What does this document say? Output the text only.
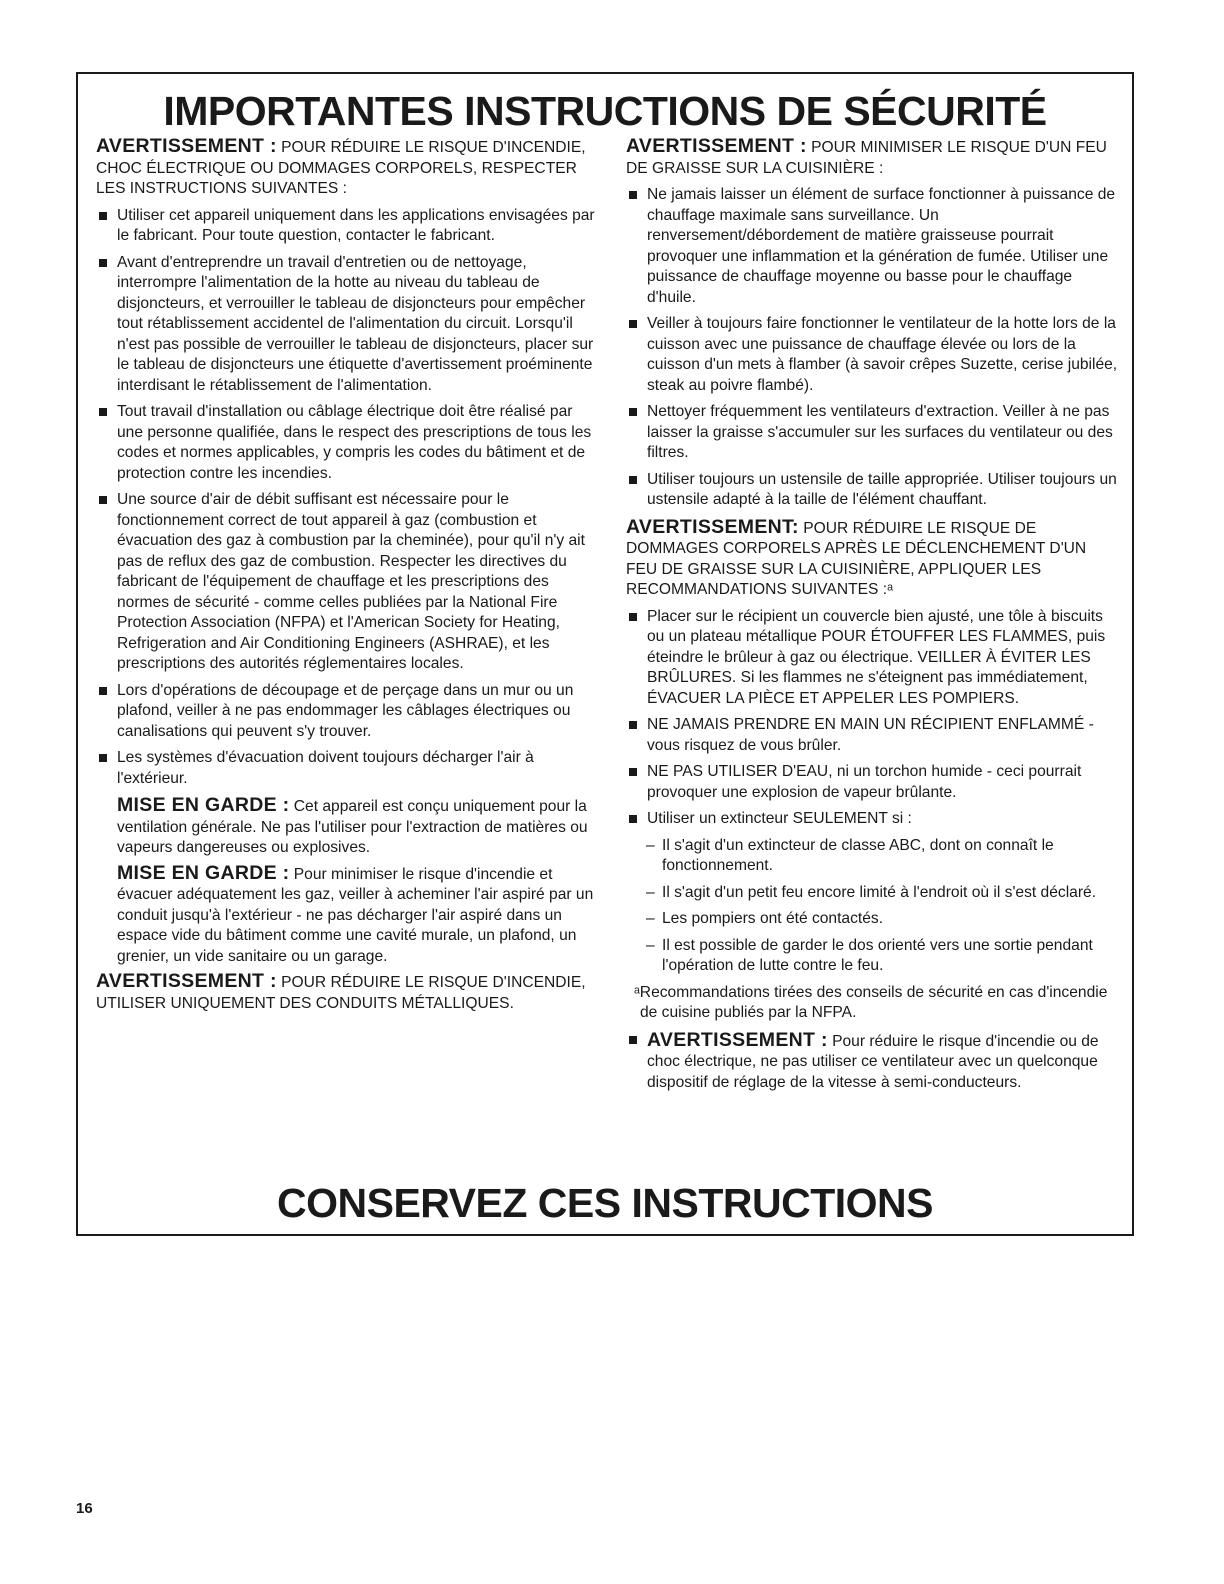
IMPORTANTES INSTRUCTIONS DE SÉCURITÉ

AVERTISSEMENT : POUR RÉDUIRE LE RISQUE D'INCENDIE, CHOC ÉLECTRIQUE OU DOMMAGES CORPORELS, RESPECTER LES INSTRUCTIONS SUIVANTES :

Utiliser cet appareil uniquement dans les applications envisagées par le fabricant. Pour toute question, contacter le fabricant.
Avant d'entreprendre un travail d'entretien ou de nettoyage, interrompre l'alimentation de la hotte au niveau du tableau de disjoncteurs, et verrouiller le tableau de disjoncteurs pour empêcher tout rétablissement accidentel de l'alimentation du circuit. Lorsqu'il n'est pas possible de verrouiller le tableau de disjoncteurs, placer sur le tableau de disjoncteurs une étiquette d'avertissement proéminente interdisant le rétablissement de l'alimentation.
Tout travail d'installation ou câblage électrique doit être réalisé par une personne qualifiée, dans le respect des prescriptions de tous les codes et normes applicables, y compris les codes du bâtiment et de protection contre les incendies.
Une source d'air de débit suffisant est nécessaire pour le fonctionnement correct de tout appareil à gaz (combustion et évacuation des gaz à combustion par la cheminée), pour qu'il n'y ait pas de reflux des gaz de combustion. Respecter les directives du fabricant de l'équipement de chauffage et les prescriptions des normes de sécurité - comme celles publiées par la National Fire Protection Association (NFPA) et l'American Society for Heating, Refrigeration and Air Conditioning Engineers (ASHRAE), et les prescriptions des autorités réglementaires locales.
Lors d'opérations de découpage et de perçage dans un mur ou un plafond, veiller à ne pas endommager les câblages électriques ou canalisations qui peuvent s'y trouver.
Les systèmes d'évacuation doivent toujours décharger l'air à l'extérieur.

MISE EN GARDE : Cet appareil est conçu uniquement pour la ventilation générale. Ne pas l'utiliser pour l'extraction de matières ou vapeurs dangereuses ou explosives.

MISE EN GARDE : Pour minimiser le risque d'incendie et évacuer adéquatement les gaz, veiller à acheminer l'air aspiré par un conduit jusqu'à l'extérieur - ne pas décharger l'air aspiré dans un espace vide du bâtiment comme une cavité murale, un plafond, un grenier, un vide sanitaire ou un garage.

AVERTISSEMENT : POUR RÉDUIRE LE RISQUE D'INCENDIE, UTILISER UNIQUEMENT DES CONDUITS MÉTALLIQUES.

AVERTISSEMENT : POUR MINIMISER LE RISQUE D'UN FEU DE GRAISSE SUR LA CUISINIÈRE :

Ne jamais laisser un élément de surface fonctionner à puissance de chauffage maximale sans surveillance. Un renversement/débordement de matière graisseuse pourrait provoquer une inflammation et la génération de fumée. Utiliser une puissance de chauffage moyenne ou basse pour le chauffage d'huile.
Veiller à toujours faire fonctionner le ventilateur de la hotte lors de la cuisson avec une puissance de chauffage élevée ou lors de la cuisson d'un mets à flamber (à savoir crêpes Suzette, cerise jubilée, steak au poivre flambé).
Nettoyer fréquemment les ventilateurs d'extraction. Veiller à ne pas laisser la graisse s'accumuler sur les surfaces du ventilateur ou des filtres.
Utiliser toujours un ustensile de taille appropriée. Utiliser toujours un ustensile adapté à la taille de l'élément chauffant.

AVERTISSEMENT: POUR RÉDUIRE LE RISQUE DE DOMMAGES CORPORELS APRÈS LE DÉCLENCHEMENT D'UN FEU DE GRAISSE SUR LA CUISINIÈRE, APPLIQUER LES RECOMMANDATIONS SUIVANTES :ᵃ

Placer sur le récipient un couvercle bien ajusté, une tôle à biscuits ou un plateau métallique POUR ÉTOUFFER LES FLAMMES, puis éteindre le brûleur à gaz ou électrique. VEILLER À ÉVITER LES BRÛLURES. Si les flammes ne s'éteignent pas immédiatement, ÉVACUER LA PIÈCE ET APPELER LES POMPIERS.
NE JAMAIS PRENDRE EN MAIN UN RÉCIPIENT ENFLAMMÉ - vous risquez de vous brûler.
NE PAS UTILISER D'EAU, ni un torchon humide - ceci pourrait provoquer une explosion de vapeur brûlante.
Utiliser un extincteur SEULEMENT si :
– Il s'agit d'un extincteur de classe ABC, dont on connaît le fonctionnement.
– Il s'agit d'un petit feu encore limité à l'endroit où il s'est déclaré.
– Les pompiers ont été contactés.
– Il est possible de garder le dos orienté vers une sortie pendant l'opération de lutte contre le feu.

ᵃRecommandations tirées des conseils de sécurité en cas d'incendie de cuisine publiés par la NFPA.

AVERTISSEMENT : Pour réduire le risque d'incendie ou de choc électrique, ne pas utiliser ce ventilateur avec un quelconque dispositif de réglage de la vitesse à semi-conducteurs.
CONSERVEZ CES INSTRUCTIONS
16
